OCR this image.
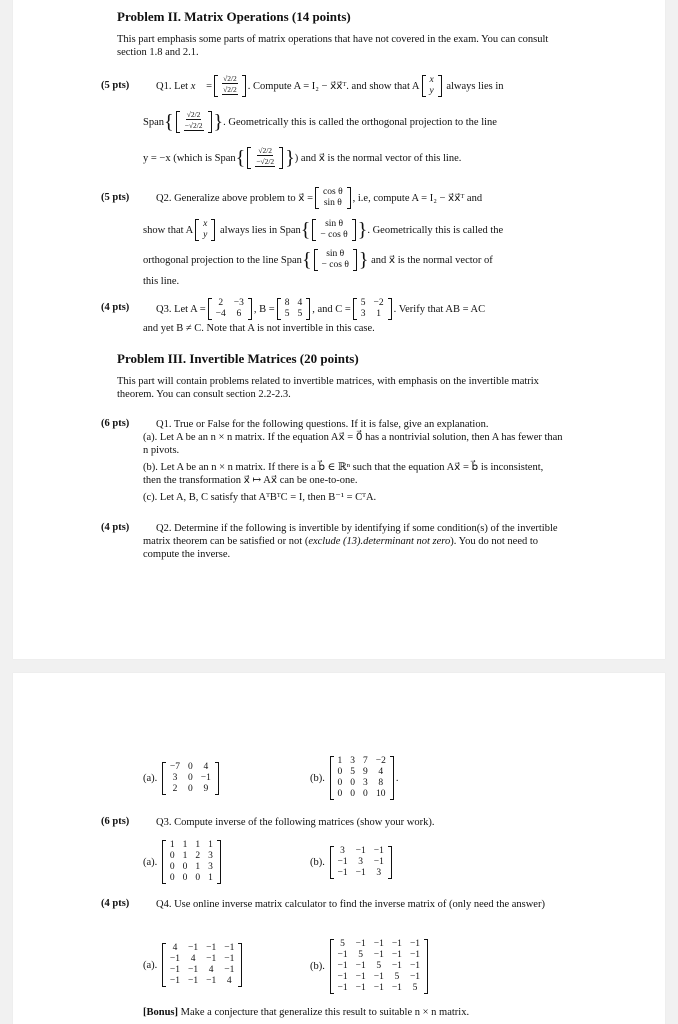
Problem II. Matrix Operations (14 points)
This part emphasis some parts of matrix operations that have not covered in the exam. You can consult section 1.8 and 2.1.
(5 pts)	Q1. Let
x⃗ =
√2/2

√2/2 . Compute A = I₂ − x⃗x⃗ᵀ. and show that A
x
y
always lies in
Span { √2/2

−√2/2 } . Geometrically this is called the orthogonal projection to the line
y = −x (which is Span { √2/2

−√2/2 } ) and x⃗ is the normal vector of this line.
(5 pts)	Q2. Generalize above problem to x⃗ =
cos θ
sin θ , i.e, compute A = I₂ − x⃗x⃗ᵀ and
show that A
x
y
always lies in Span { sin θ
− cos θ } . Geometrically this is called the
orthogonal projection to the line Span { sin θ
− cos θ }
and x⃗ is the normal vector of
this line.
(4 pts)	Q3. Let A =
2	−3
−4	6 , B =
8	4
5	5 , and C =
5	−2
3	1 . Verify that AB = AC
and yet B ≠ C. Note that A is not invertible in this case.
Problem III. Invertible Matrices (20 points)
This part will contain problems related to invertible matrices, with emphasis on the invertible matrix theorem. You can consult section 2.2-2.3.
(6 pts)	Q1. True or False for the following questions. If it is false, give an explanation.
(a). Let A be an n × n matrix. If the equation Ax⃗ = 0⃗ has a nontrivial solution, then A has fewer than n pivots.
(b). Let A be an n × n matrix. If there is a b⃗ ∈ ℝⁿ such that the equation Ax⃗ = b⃗ is inconsistent, then the transformation x⃗ ↦ Ax⃗ can be one-to-one.
(c). Let A, B, C satisfy that AᵀBᵀC = I, then B⁻¹ = CᵀA.
(4 pts)	Q2. Determine if the following is invertible by identifying if some condition(s) of the invertible matrix theorem can be satisfied or not (exclude (13).determinant not zero). You do not need to compute the inverse.
(a).

−7	0	4
3	0	−1
2	0	9
(b).

1	3	7	−2
0	5	9	4
0	0	3	8
0	0	0	10
.
(6 pts)	Q3. Compute inverse of the following matrices (show your work).
(a).

1	1	1	1
0	1	2	3
0	0	1	3
0	0	0	1
(b).

3	−1	−1
−1	3	−1
−1	−1	3
(4 pts)	Q4. Use online inverse matrix calculator to find the inverse matrix of (only need the answer)
(a).

4	−1	−1	−1
−1	4	−1	−1
−1	−1	4	−1
−1	−1	−1	4
(b).

5	−1	−1	−1	−1
−1	5	−1	−1	−1
−1	−1	5	−1	−1
−1	−1	−1	5	−1
−1	−1	−1	−1	5
[Bonus] Make a conjecture that generalize this result to suitable n × n matrix.
